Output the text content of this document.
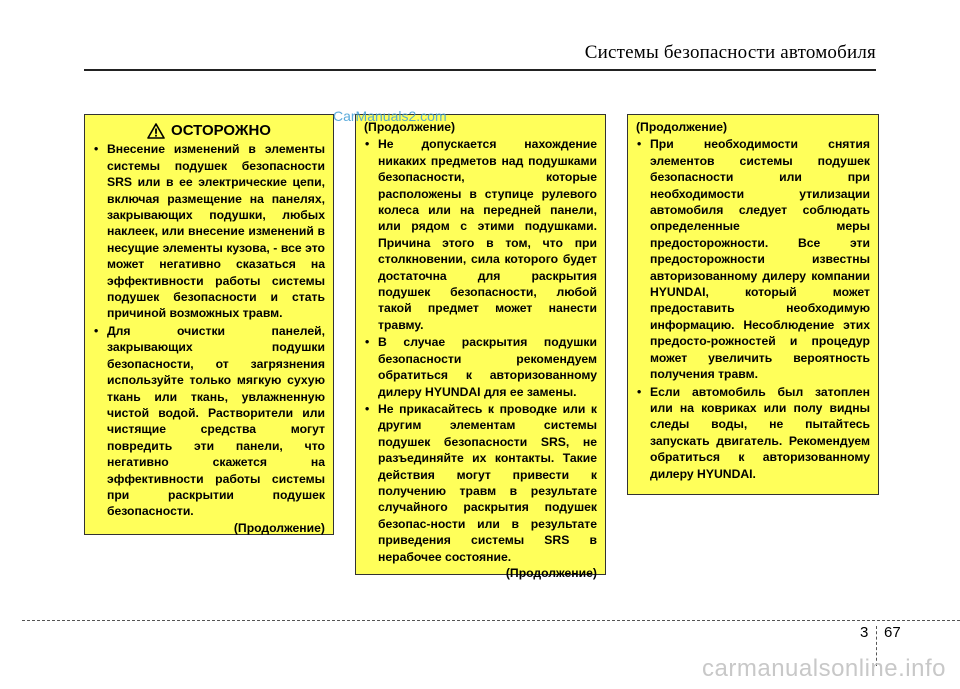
Системы безопасности автомобиля
ОСТОРОЖНО
• Внесение изменений в элементы системы подушек безопасности SRS или в ее электрические цепи, включая размещение на панелях, закрывающих подушки, любых наклеек, или внесение изменений в несущие элементы кузова, - все это может негативно сказаться на эффективности работы системы подушек безопасности и стать причиной возможных травм.
• Для очистки панелей, закрывающих подушки безопасности, от загрязнения используйте только мягкую сухую ткань или ткань, увлажненную чистой водой. Растворители или чистящие средства могут повредить эти панели, что негативно скажется на эффективности работы системы при раскрытии подушек безопасности.
(Продолжение)
(Продолжение)
• Не допускается нахождение никаких предметов над подушками безопасности, которые расположены в ступице рулевого колеса или на передней панели, или рядом с этими подушками. Причина этого в том, что при столкновении, сила которого будет достаточна для раскрытия подушек безопасности, любой такой предмет может нанести травму.
• В случае раскрытия подушки безопасности рекомендуем обратиться к авторизованному дилеру HYUNDAI для ее замены.
• Не прикасайтесь к проводке или к другим элементам системы подушек безопасности SRS, не разъединяйте их контакты. Такие действия могут привести к получению травм в результате случайного раскрытия подушек безопас-ности или в результате приведения системы SRS в нерабочее состояние.
(Продолжение)
(Продолжение)
• При необходимости снятия элементов системы подушек безопасности или при необходимости утилизации автомобиля следует соблюдать определенные меры предосторожности. Все эти предосторожности известны авторизованному дилеру компании HYUNDAI, который может предоставить необходимую информацию. Несоблюдение этих предосто-рожностей и процедур может увеличить вероятность получения травм.
• Если автомобиль был затоплен или на ковриках или полу видны следы воды, не пытайтесь запускать двигатель. Рекомендуем обратиться к авторизованному дилеру HYUNDAI.
CarManuals2.com
3 67
carmanualsonline.info
